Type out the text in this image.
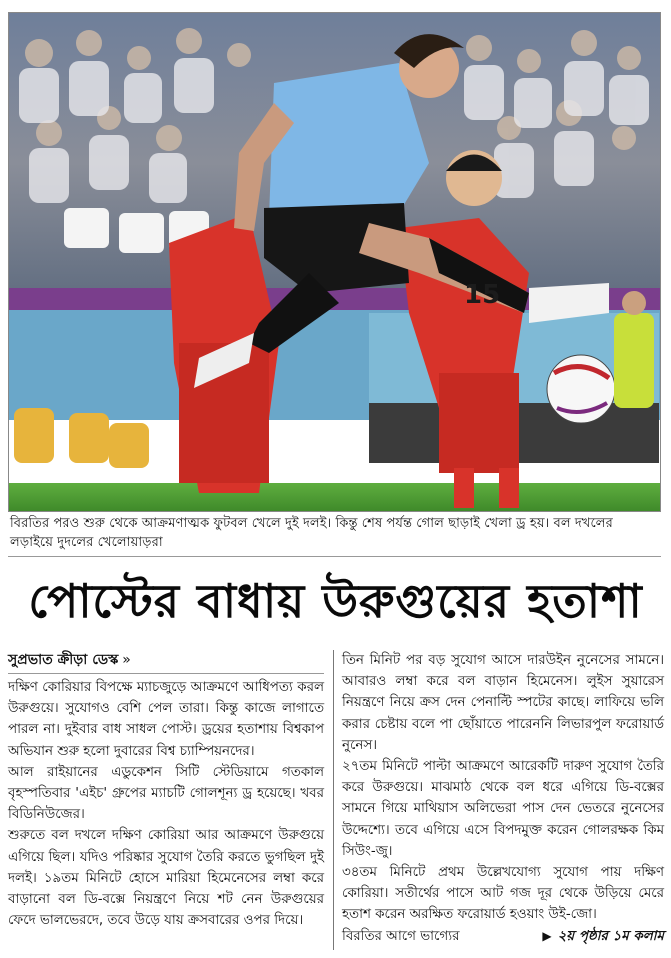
15
বিরতির পরও শুরু থেকে আক্রমণাত্মক ফুটবল খেলে দুই দলই। কিন্তু শেষ পর্যন্ত গোল ছাড়াই খেলা ড্র হয়। বল দখলের লড়াইয়ে দুদলের খেলোয়াড়রা
পোস্টের বাধায় উরুগুয়ের হতাশা
সুপ্রভাত ক্রীড়া ডেস্ক »

দক্ষিণ কোরিয়ার বিপক্ষে ম্যাচজুড়ে আক্রমণে আধিপত্য করল উরুগুয়ে। সুযোগও বেশি পেল তারা। কিন্তু কাজে লাগাতে পারল না। দুইবার বাধ সাধল পোস্ট। ড্রয়ের হতাশায় বিশ্বকাপ অভিযান শুরু হলো দুবারের বিশ্ব চ্যাম্পিয়নদের।

আল রাইয়ানের এডুকেশন সিটি স্টেডিয়ামে গতকাল বৃহস্পতিবার 'এইচ' গ্রুপের ম্যাচটি গোলশূন্য ড্র হয়েছে। খবর বিডিনিউজের।

শুরুতে বল দখলে দক্ষিণ কোরিয়া আর আক্রমণে উরুগুয়ে এগিয়ে ছিল। যদিও পরিষ্কার সুযোগ তৈরি করতে ভুগছিল দুই দলই। ১৯তম মিনিটে হোসে মারিয়া হিমেনেসের লম্বা করে বাড়ানো বল ডি-বক্সে নিয়ন্ত্রণে নিয়ে শট নেন উরুগুয়ের ফেদে ভালভেরদে, তবে উড়ে যায় ক্রসবারের ওপর দিয়ে।

তিন মিনিট পর বড় সুযোগ আসে দারউইন নুনেসের সামনে। আবারও লম্বা করে বল বাড়ান হিমেনেস। লুইস সুয়ারেস নিয়ন্ত্রণে নিয়ে ক্রস দেন পেনাল্টি স্পটের কাছে। লাফিয়ে ভলি করার চেষ্টায় বলে পা ছোঁয়াতে পারেননি লিভারপুল ফরোয়ার্ড নুনেস।

২৭তম মিনিটে পাল্টা আক্রমণে আরেকটি দারুণ সুযোগ তৈরি করে উরুগুয়ে। মাঝমাঠ থেকে বল ধরে এগিয়ে ডি-বক্সের সামনে গিয়ে মাথিয়াস অলিভেরা পাস দেন ভেতরে নুনেসের উদ্দেশ্যে। তবে এগিয়ে এসে বিপদমুক্ত করেন গোলরক্ষক কিম সিউং-জু।

৩৪তম মিনিটে প্রথম উল্লেখযোগ্য সুযোগ পায় দক্ষিণ কোরিয়া। সতীর্থের পাসে আট গজ দূর থেকে উড়িয়ে মেরে হতাশ করেন অরক্ষিত ফরোয়ার্ড হওয়াং উই-জো।

বিরতির আগে ভাগ্যের	▶ ২য় পৃষ্ঠার ১ম কলাম
